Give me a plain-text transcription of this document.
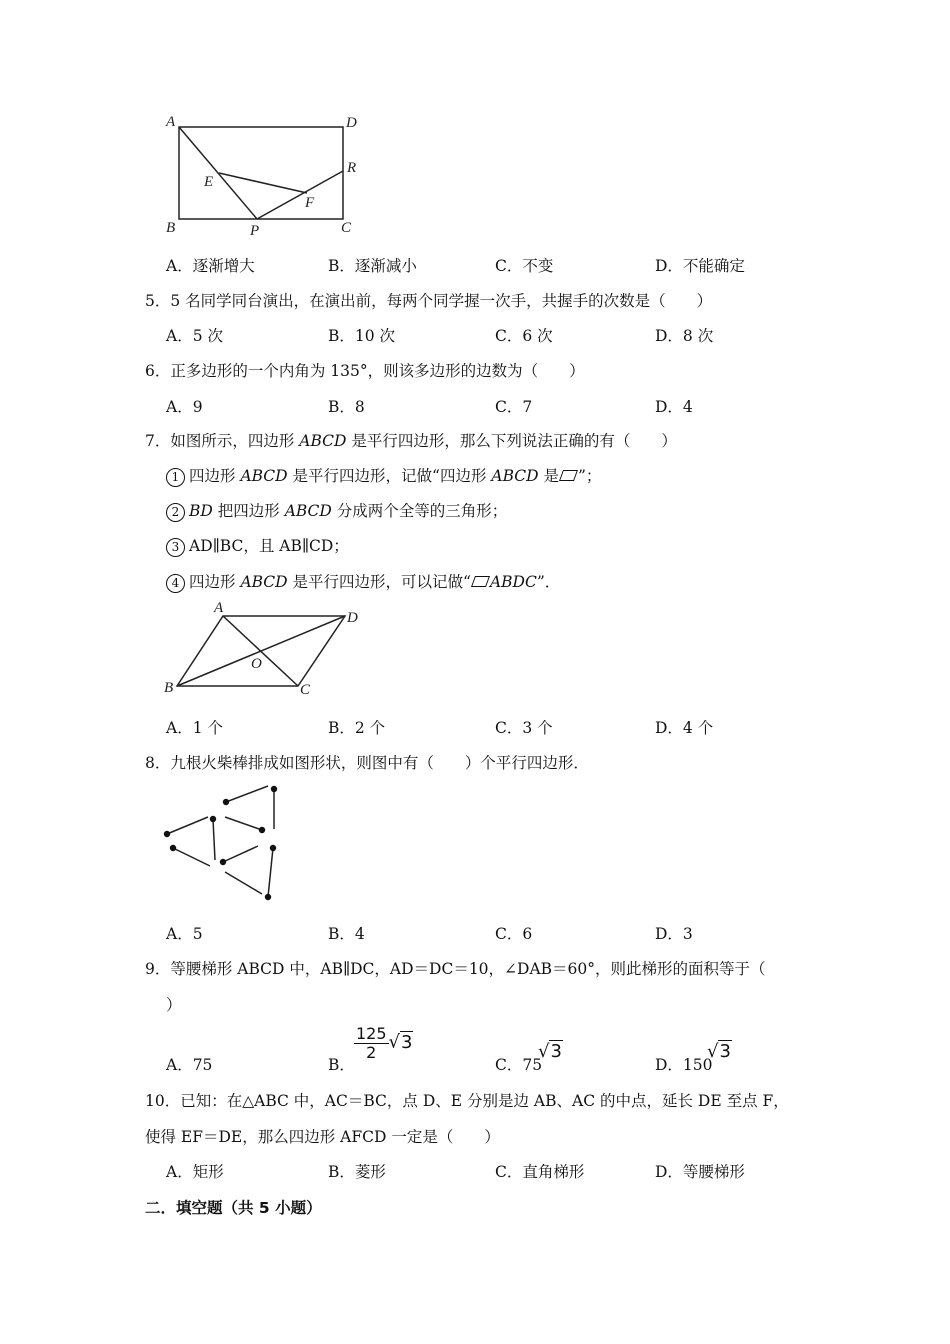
A	D
R
E
F
B	P	C
A．逐渐增大	B．逐渐减小	C．不变	D．不能确定
5．5 名同学同台演出，在演出前，每两个同学握一次手，共握手的次数是（　　）
A．5 次	B．10 次	C．6 次	D．8 次
6．正多边形的一个内角为 135°，则该多边形的边数为（　　）
A．9	B．8	C．7	D．4
7．如图所示，四边形 ABCD 是平行四边形，那么下列说法正确的有（　　）
1 四边形 ABCD 是平行四边形，记做“四边形 ABCD 是 ”；
2 BD 把四边形 ABCD 分成两个全等的三角形；
3 AD∥BC，且 AB∥CD；
4 四边形 ABCD 是平行四边形，可以记做“ ABDC”．
A
D
O
B	C
A．1 个	B．2 个	C．3 个	D．4 个
8．九根火柴棒排成如图形状，则图中有（　　）个平行四边形．
A．5	B．4	C．6	D．3
9．等腰梯形 ABCD 中，AB∥DC，AD＝DC＝10，∠DAB＝60°，则此梯形的面积等于（
）
A．75	B．
$\frac{125}{2} √3$
C．75
√3
D．150
√3
10．已知：在△ABC 中，AC＝BC，点 D、E 分别是边 AB、AC 的中点，延长 DE 至点 F，
使得 EF＝DE，那么四边形 AFCD 一定是（　　）
A．矩形	B．菱形	C．直角梯形	D．等腰梯形
二．填空题（共 5 小题）
